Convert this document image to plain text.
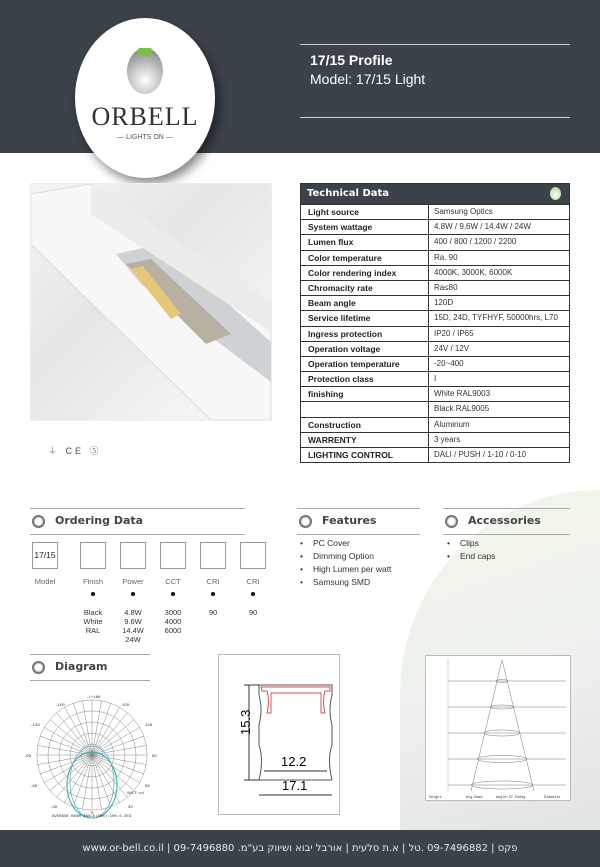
ORBELL
— LIGHTS ON —
17/15 Profile
Model: 17/15 Light
⏚ CE ⑤
Technical Data
Light source	Samsung Optics
System wattage	4.8W / 9.6W / 14.4W / 24W
Lumen flux	400 / 800 / 1200 / 2200
Color temperature	Ra. 90
Color rendering index	4000K, 3000K, 6000K
Chromacity rate	Ra≤80
Beam angle	120D
Service lifetime	15D, 24D, TYFHYF, 50000hrs, L70
Ingress protection	IP20 / IP65
Operation voltage	24V / 12V
Operation temperature	-20~400
Protection class	I
finishing	White RAL9003
Black RAL9005
Construction	Aluminum
WARRENTY	3 years
LIGHTING CONTROL	DALI / PUSH / 1-10 / 0-10
Ordering Data
17/15
Model	Finish
Black
White
RAL
Power
4.8W
9.6W
14.4W
24W
CCT
3000
4000
6000
CRI
90
CRI
90
Features
• PC Cover
• Dimming Option
• High Lumen per watt
• Samsung SMD
Accessories
• Clips
• End caps
Diagram
AVERAGE BEAM ANGLE(50%):100.6 DEG
UNIT:cd
-/+180
-150	150
-120	120
-90	90
-60	60
-30	30
0
15.3
12.2
17.1
Height	Avg.Emax	Angle:37.59deg	Diameter
www.or-bell.co.il | 09-7496880 .פקס | 09-7496882 .טל | א.ת סלעית | אורבל יבוא ושיווק בע"מ
